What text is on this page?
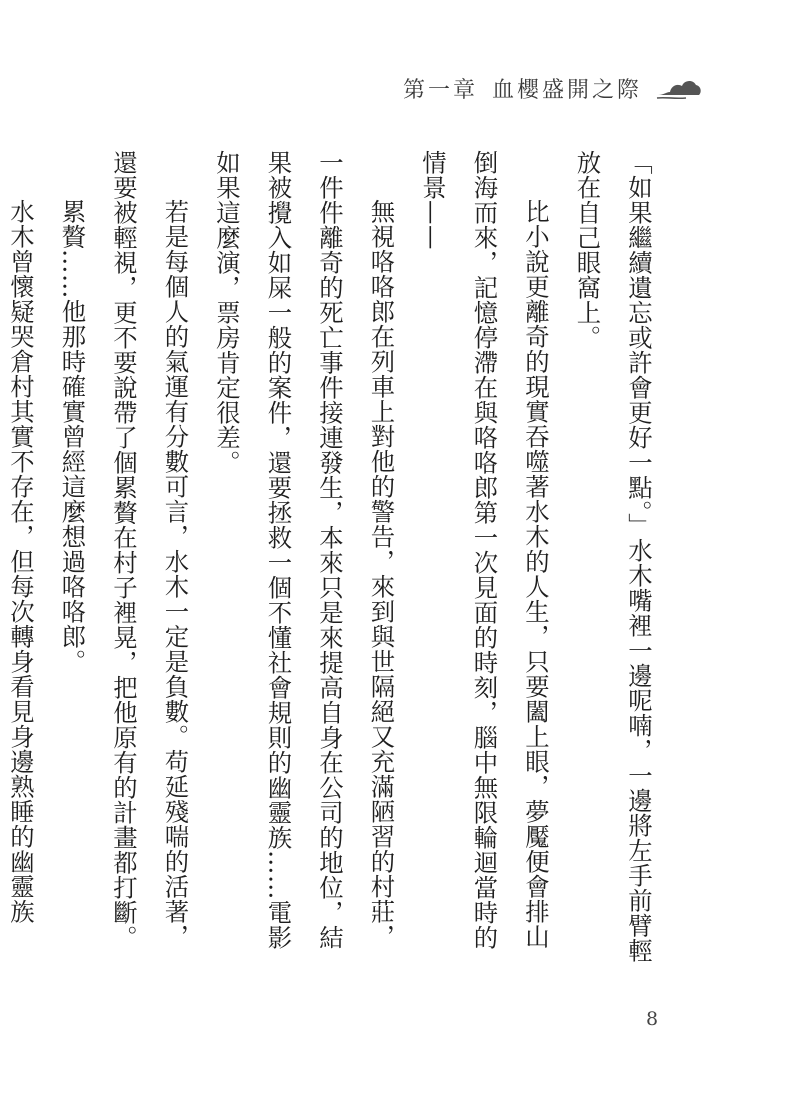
第一章 血櫻盛開之際

「如果繼續遺忘或許會更好一點。」水木嘴裡一邊呢喃，一邊將左手前臂輕放在自己眼窩上。

比小說更離奇的現實吞噬著水木的人生，只要闔上眼，夢魘便會排山倒海而來，記憶停滯在與咯咯郎第一次見面的時刻，腦中無限輪迴當時的情景——

無視咯咯郎在列車上對他的警告，來到與世隔絕又充滿陋習的村莊，一件件離奇的死亡事件接連發生，本來只是來提高自身在公司的地位，結果被攪入如屎一般的案件，還要拯救一個不懂社會規則的幽靈族……電影如果這麼演，票房肯定很差。

若是每個人的氣運有分數可言，水木一定是負數。苟延殘喘的活著，還要被輕視，更不要說帶了個累贅在村子裡晃，把他原有的計畫都打斷。

累贅……他那時確實曾經這麼想過咯咯郎。

水木曾懷疑哭倉村其實不存在，但每次轉身看見身邊熟睡的幽靈族

8
